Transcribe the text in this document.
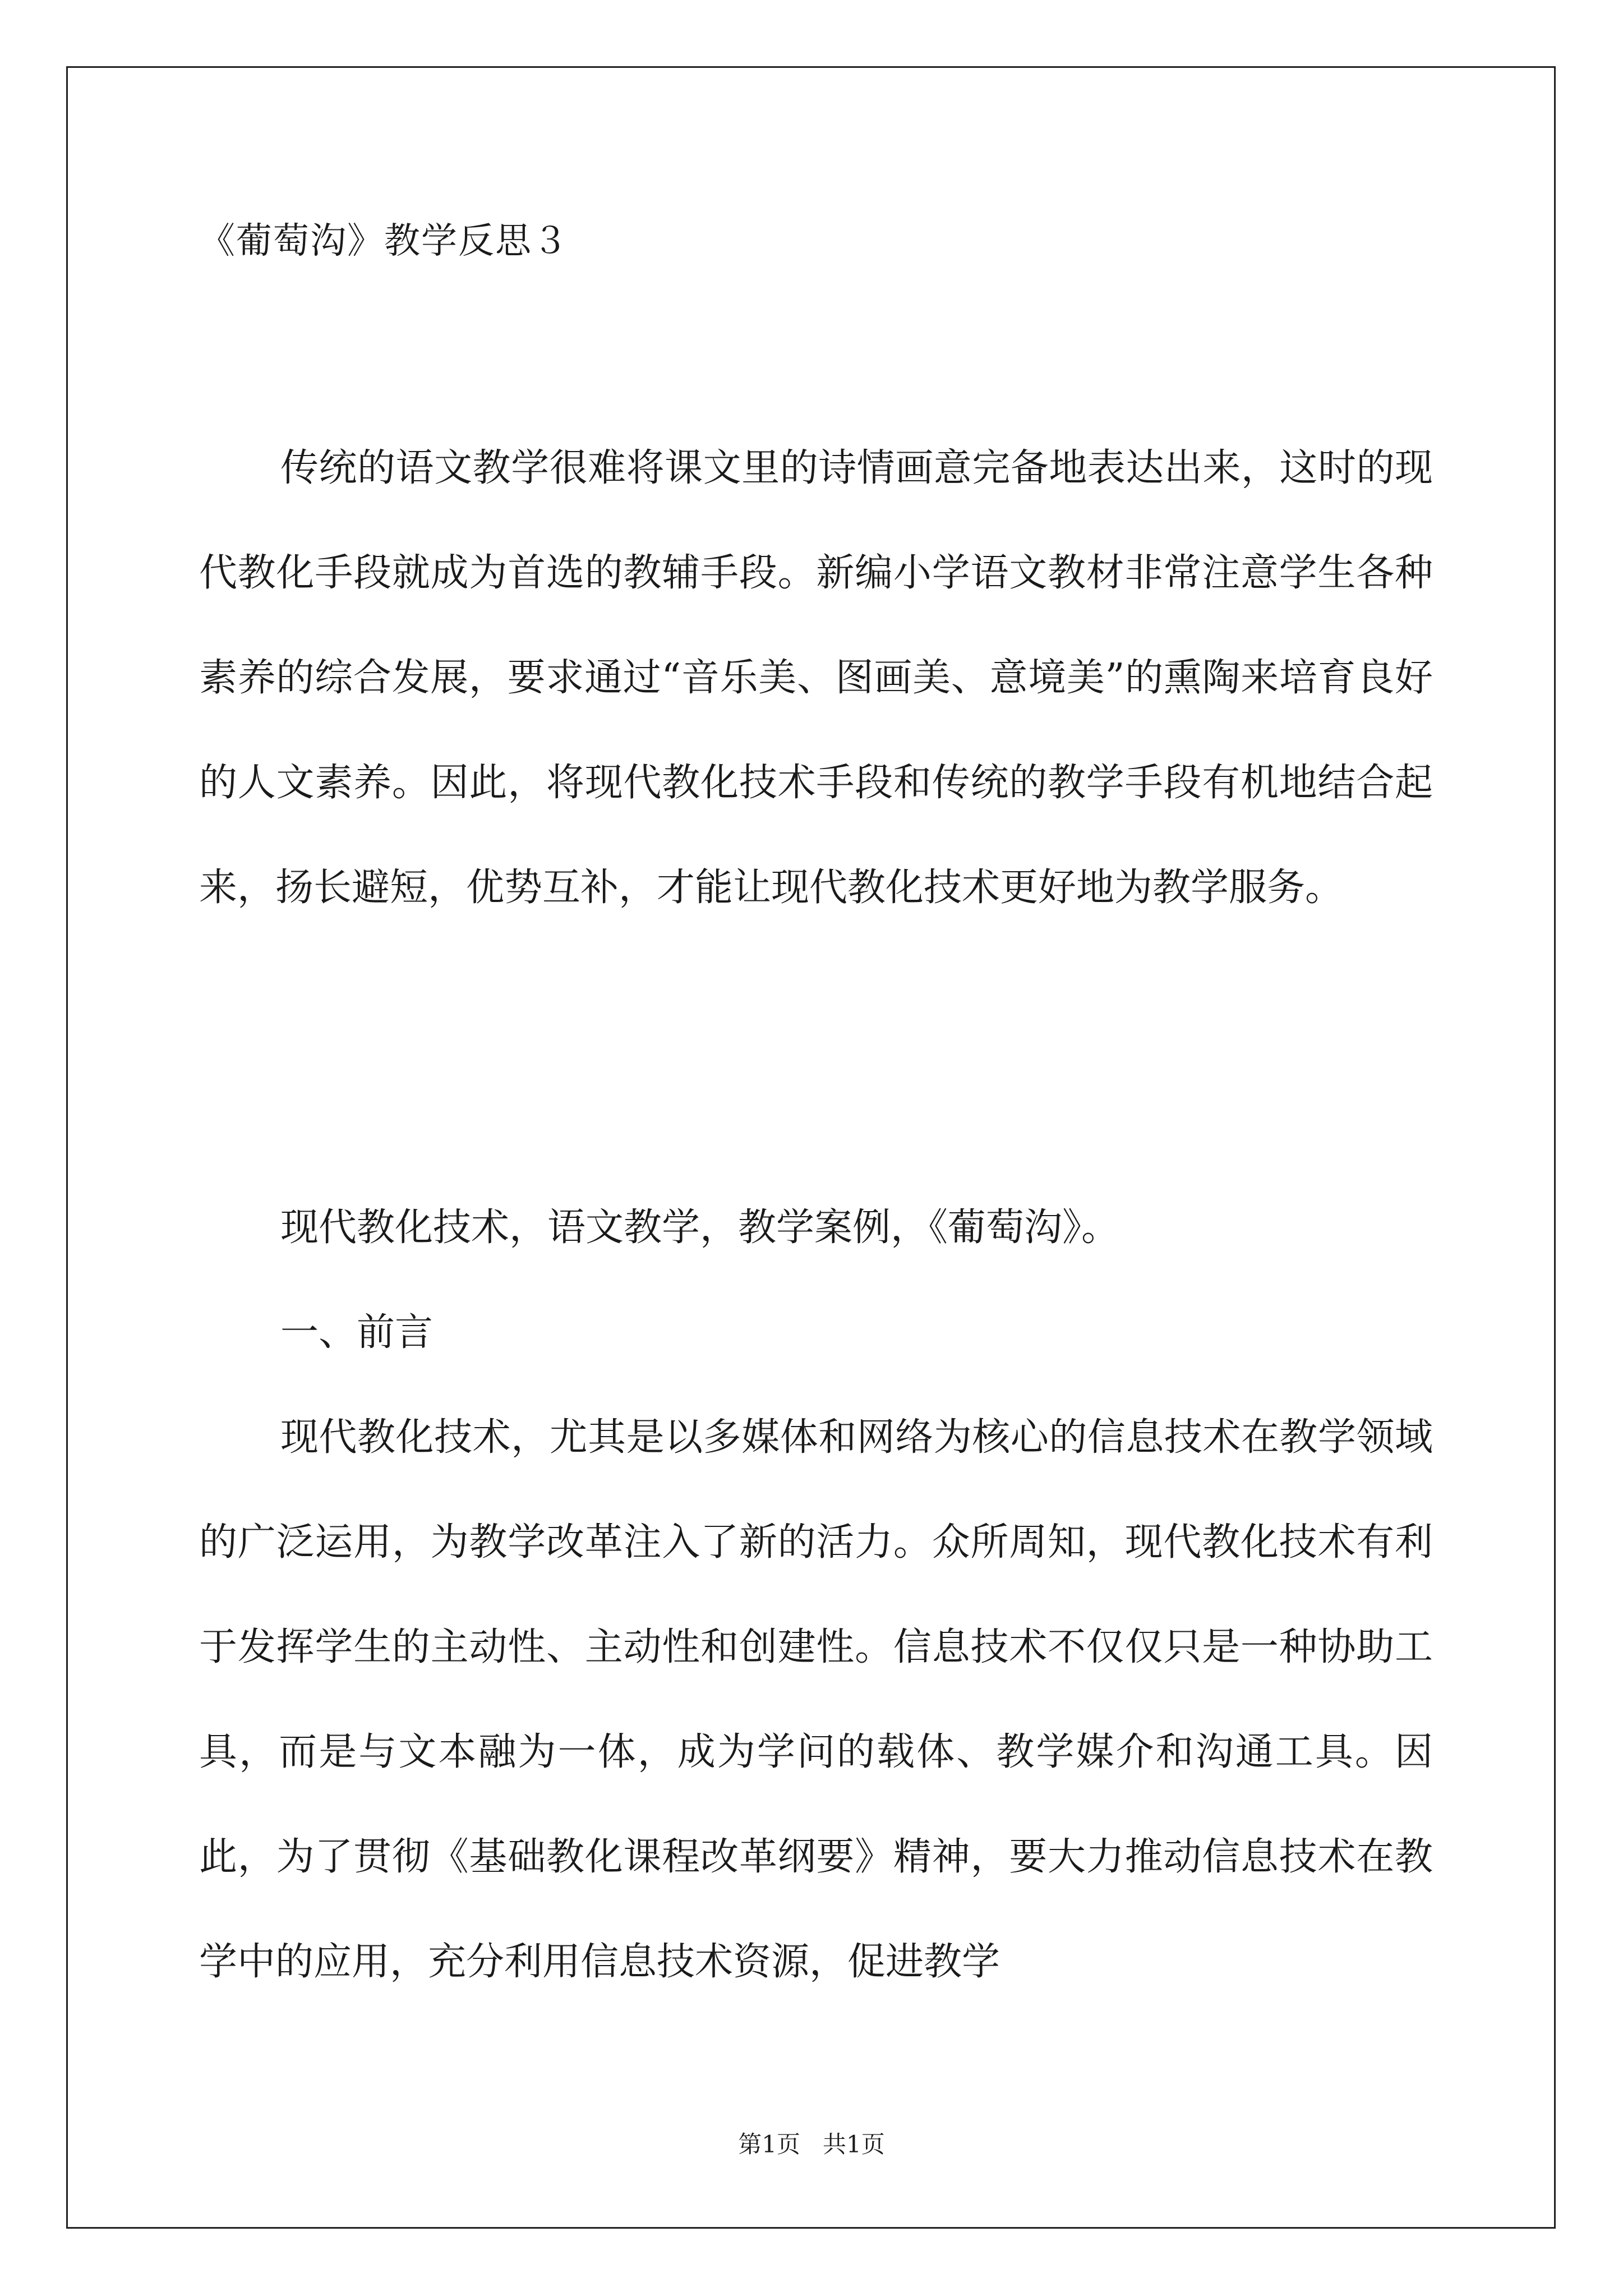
《葡萄沟》教学反思３

传统的语文教学很难将课文里的诗情画意完备地表达出来，这时的现代教化手段就成为首选的教辅手段。新编小学语文教材非常注意学生各种素养的综合发展，要求通过“音乐美、图画美、意境美”的熏陶来培育良好的人文素养。因此，将现代教化技术手段和传统的教学手段有机地结合起来，扬长避短，优势互补，才能让现代教化技术更好地为教学服务。

现代教化技术，语文教学，教学案例，《葡萄沟》。

一、前言

现代教化技术，尤其是以多媒体和网络为核心的信息技术在教学领域的广泛运用，为教学改革注入了新的活力。众所周知，现代教化技术有利于发挥学生的主动性、主动性和创建性。信息技术不仅仅只是一种协助工具，而是与文本融为一体，成为学问的载体、教学媒介和沟通工具。因此，为了贯彻《基础教化课程改革纲要》精神，要大力推动信息技术在教学中的应用，充分利用信息技术资源，促进教学

第1页   共1页
